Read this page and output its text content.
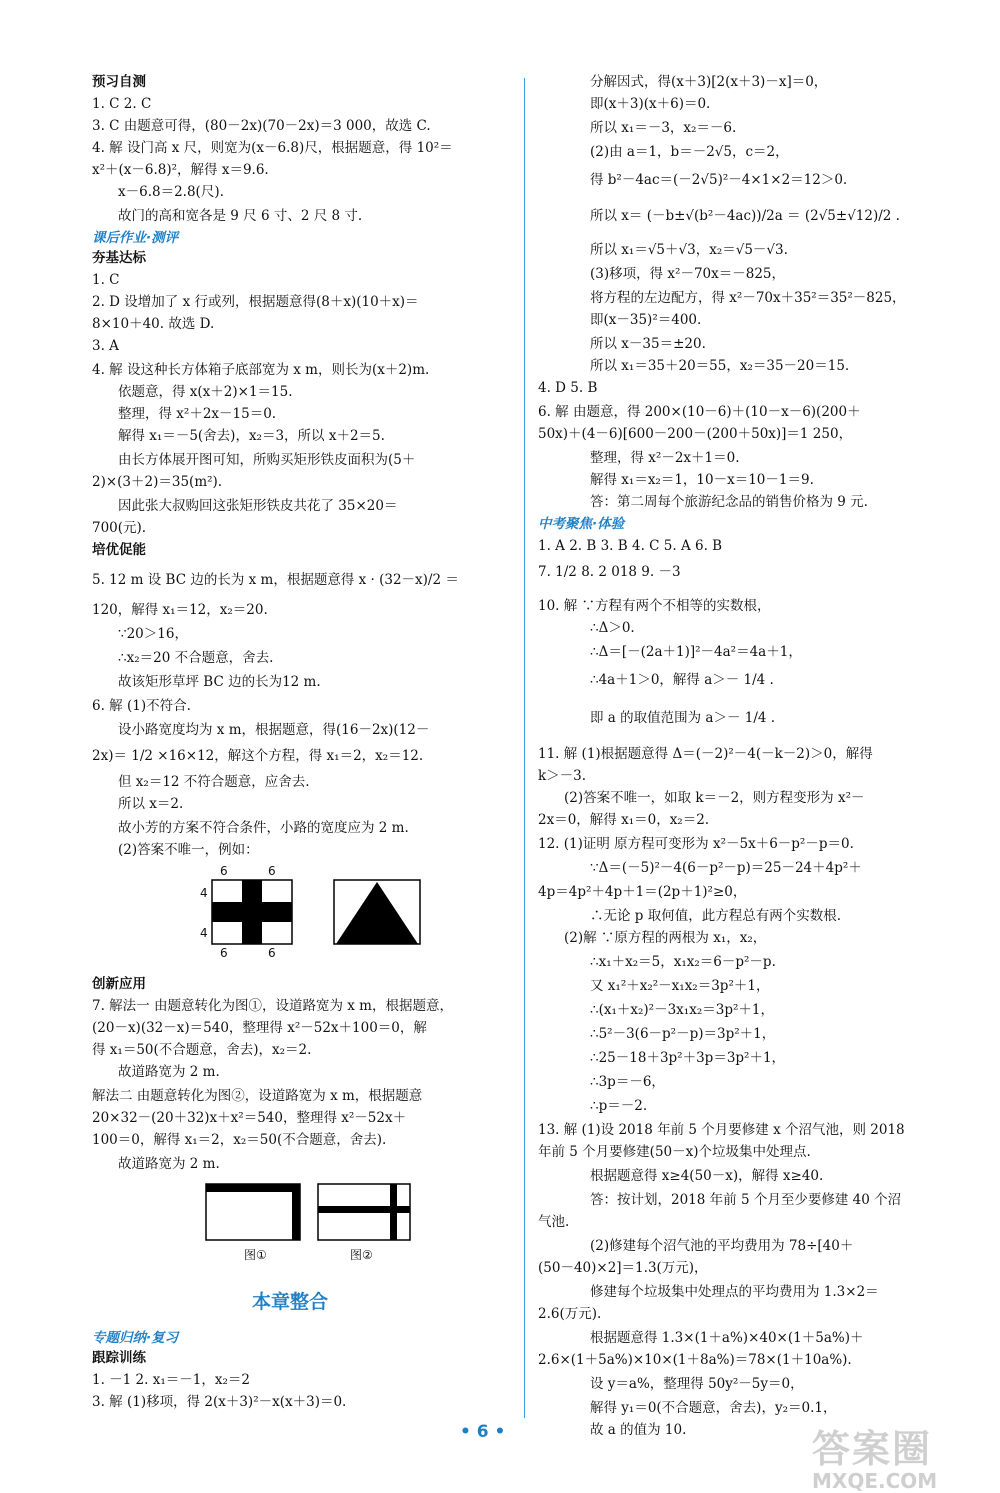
预习自测
1. C 2. C
3. C 由题意可得，(80－2x)(70－2x)＝3 000，故选 C.
4. 解 设门高 x 尺，则宽为(x－6.8)尺，根据题意，得 10²＝
x²＋(x－6.8)²，解得 x＝9.6.
x－6.8＝2.8(尺).
故门的高和宽各是 9 尺 6 寸、2 尺 8 寸.
课后作业·测评
夯基达标
1. C
2. D 设增加了 x 行或列，根据题意得(8＋x)(10＋x)＝
8×10＋40. 故选 D.
3. A
4. 解 设这种长方体箱子底部宽为 x m，则长为(x＋2)m.
依题意，得 x(x＋2)×1＝15.
整理，得 x²＋2x－15＝0.
解得 x₁＝－5(舍去)，x₂＝3，所以 x＋2＝5.
由长方体展开图可知，所购买矩形铁皮面积为(5＋
2)×(3＋2)＝35(m²).
因此张大叔购回这张矩形铁皮共花了 35×20＝
700(元).
培优促能
5. 12 m 设 BC 边的长为 x m，根据题意得 x · (32－x)/2 ＝
120，解得 x₁＝12，x₂＝20.
∵20＞16，
∴x₂＝20 不合题意，舍去.
故该矩形草坪 BC 边的长为12 m.
6. 解 (1)不符合.
设小路宽度均为 x m，根据题意，得(16－2x)(12－
2x)＝ 1/2 ×16×12，解这个方程，得 x₁＝2，x₂＝12.
但 x₂＝12 不符合题意，应舍去.
所以 x＝2.
故小芳的方案不符合条件，小路的宽度应为 2 m.
(2)答案不唯一，例如：
创新应用
7. 解法一 由题意转化为图①，设道路宽为 x m，根据题意，
(20－x)(32－x)＝540，整理得 x²－52x＋100＝0，解
得 x₁＝50(不合题意，舍去)，x₂＝2.
故道路宽为 2 m.
解法二 由题意转化为图②，设道路宽为 x m，根据题意
20×32－(20＋32)x＋x²＝540，整理得 x²－52x＋
100＝0，解得 x₁＝2，x₂＝50(不合题意，舍去).
故道路宽为 2 m.
本章整合
专题归纳·复习
跟踪训练
1. －1 2. x₁＝－1，x₂＝2
3. 解 (1)移项，得 2(x＋3)²－x(x＋3)＝0.
分解因式，得(x＋3)[2(x＋3)－x]＝0，
即(x＋3)(x＋6)＝0.
所以 x₁＝－3，x₂＝－6.
(2)由 a＝1，b＝－2√5，c＝2，
得 b²－4ac＝(－2√5)²－4×1×2＝12＞0.
所以 x＝ (－b±√(b²－4ac))/2a ＝ (2√5±√12)/2 .
所以 x₁＝√5＋√3，x₂＝√5－√3.
(3)移项，得 x²－70x＝－825，
将方程的左边配方，得 x²－70x＋35²＝35²－825，
即(x－35)²＝400.
所以 x－35＝±20.
所以 x₁＝35＋20＝55，x₂＝35－20＝15.
4. D 5. B
6. 解 由题意，得 200×(10－6)＋(10－x－6)(200＋
50x)＋(4－6)[600－200－(200＋50x)]＝1 250，
整理，得 x²－2x＋1＝0.
解得 x₁＝x₂＝1，10－x＝10－1＝9.
答：第二周每个旅游纪念品的销售价格为 9 元.
中考聚焦·体验
1. A 2. B 3. B 4. C 5. A 6. B
7. 1/2 8. 2 018 9. －3
10. 解 ∵方程有两个不相等的实数根，
∴Δ＞0.
∴Δ＝[－(2a＋1)]²－4a²＝4a＋1，
∴4a＋1＞0，解得 a＞－ 1/4 .
即 a 的取值范围为 a＞－ 1/4 .
11. 解 (1)根据题意得 Δ＝(－2)²－4(－k－2)＞0，解得
k＞－3.
(2)答案不唯一，如取 k＝－2，则方程变形为 x²－
2x＝0，解得 x₁＝0，x₂＝2.
12. (1)证明 原方程可变形为 x²－5x＋6－p²－p＝0.
∵Δ＝(－5)²－4(6－p²－p)＝25－24＋4p²＋
4p＝4p²＋4p＋1＝(2p＋1)²≥0，
∴无论 p 取何值，此方程总有两个实数根.
(2)解 ∵原方程的两根为 x₁，x₂，
∴x₁＋x₂＝5，x₁x₂＝6－p²－p.
又 x₁²＋x₂²－x₁x₂＝3p²＋1，
∴(x₁＋x₂)²－3x₁x₂＝3p²＋1，
∴5²－3(6－p²－p)＝3p²＋1，
∴25－18＋3p²＋3p＝3p²＋1，
∴3p＝－6，
∴p＝－2.
13. 解 (1)设 2018 年前 5 个月要修建 x 个沼气池，则 2018
年前 5 个月要修建(50－x)个垃圾集中处理点.
根据题意得 x≥4(50－x)，解得 x≥40.
答：按计划，2018 年前 5 个月至少要修建 40 个沼
气池.
(2)修建每个沼气池的平均费用为 78÷[40＋
(50－40)×2]＝1.3(万元)，
修建每个垃圾集中处理点的平均费用为 1.3×2＝
2.6(万元).
根据题意得 1.3×(1＋a%)×40×(1＋5a%)＋
2.6×(1＋5a%)×10×(1＋8a%)＝78×(1＋10a%).
设 y＝a%，整理得 50y²－5y＝0，
解得 y₁＝0(不合题意，舍去)，y₂＝0.1，
故 a 的值为 10.
6	6
4
4
6	6
图①	图②
• 6 •	答案圈
MXQE.COM
